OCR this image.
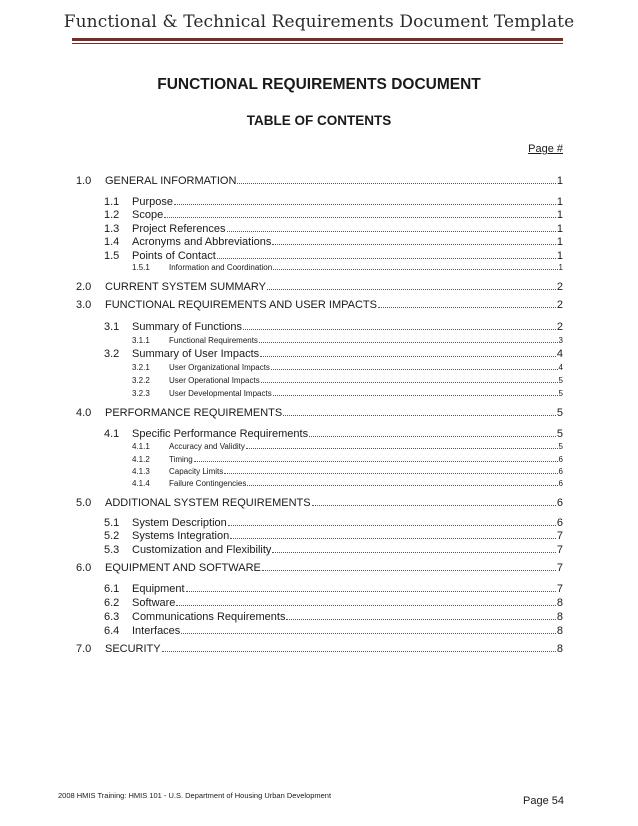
Functional & Technical Requirements Document Template
FUNCTIONAL REQUIREMENTS DOCUMENT
TABLE OF CONTENTS
Page #
1.0	GENERAL INFORMATION	1
1.1	Purpose	1
1.2	Scope	1
1.3	Project References	1
1.4	Acronyms and Abbreviations	1
1.5	Points of Contact	1
1.5.1	Information and Coordination	1
2.0	CURRENT SYSTEM SUMMARY	2
3.0	FUNCTIONAL REQUIREMENTS AND USER IMPACTS	2
3.1	Summary of Functions	2
3.1.1	Functional Requirements	3
3.2	Summary of User Impacts	4
3.2.1	User Organizational Impacts	4
3.2.2	User Operational Impacts	5
3.2.3	User Developmental Impacts	5
4.0	PERFORMANCE REQUIREMENTS	5
4.1	Specific Performance Requirements	5
4.1.1	Accuracy and Validity	5
4.1.2	Timing	6
4.1.3	Capacity Limits	6
4.1.4	Failure Contingencies	6
5.0	ADDITIONAL SYSTEM REQUIREMENTS	6
5.1	System Description	6
5.2	Systems Integration	7
5.3	Customization and Flexibility	7
6.0	EQUIPMENT AND SOFTWARE	7
6.1	Equipment	7
6.2	Software	8
6.3	Communications Requirements	8
6.4	Interfaces	8
7.0	SECURITY	8
2008 HMIS Training: HMIS 101 - U.S. Department of Housing Urban Development	Page 54
